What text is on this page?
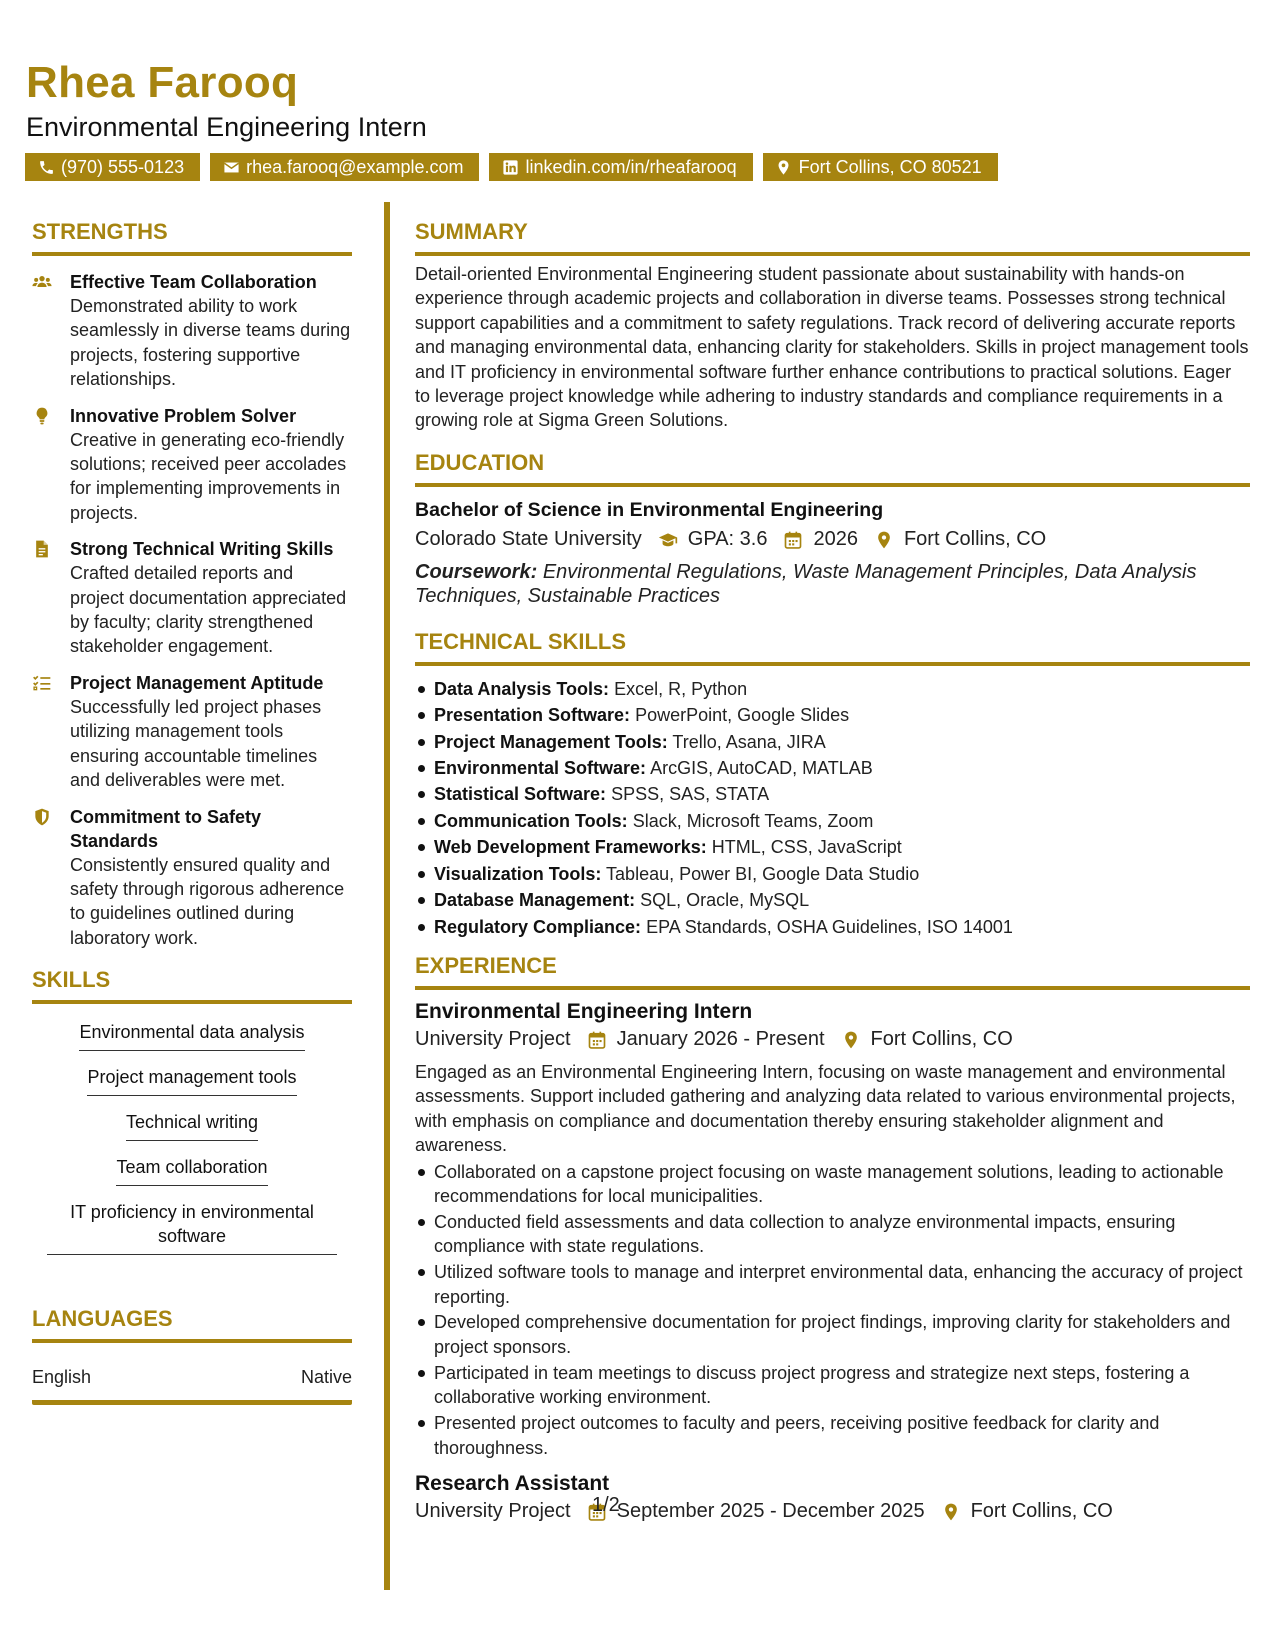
Rhea Farooq
Environmental Engineering Intern
(970) 555-0123	rhea.farooq@example.com	linkedin.com/in/rheafarooq	Fort Collins, CO 80521
STRENGTHS
Effective Team Collaboration
Demonstrated ability to work seamlessly in diverse teams during projects, fostering supportive relationships.
Innovative Problem Solver
Creative in generating eco-friendly solutions; received peer accolades for implementing improvements in projects.
Strong Technical Writing Skills
Crafted detailed reports and project documentation appreciated by faculty; clarity strengthened stakeholder engagement.
Project Management Aptitude
Successfully led project phases utilizing management tools ensuring accountable timelines and deliverables were met.
Commitment to Safety Standards
Consistently ensured quality and safety through rigorous adherence to guidelines outlined during laboratory work.
SKILLS
Environmental data analysis
Project management tools
Technical writing
Team collaboration
IT proficiency in environmental software
LANGUAGES
English	Native
SUMMARY
Detail-oriented Environmental Engineering student passionate about sustainability with hands-on experience through academic projects and collaboration in diverse teams. Possesses strong technical support capabilities and a commitment to safety regulations. Track record of delivering accurate reports and managing environmental data, enhancing clarity for stakeholders. Skills in project management tools and IT proficiency in environmental software further enhance contributions to practical solutions. Eager to leverage project knowledge while adhering to industry standards and compliance requirements in a growing role at Sigma Green Solutions.
EDUCATION
Bachelor of Science in Environmental Engineering
Colorado State University GPA: 3.6 2026 Fort Collins, CO
Coursework: Environmental Regulations, Waste Management Principles, Data Analysis Techniques, Sustainable Practices
TECHNICAL SKILLS
Data Analysis Tools: Excel, R, Python
Presentation Software: PowerPoint, Google Slides
Project Management Tools: Trello, Asana, JIRA
Environmental Software: ArcGIS, AutoCAD, MATLAB
Statistical Software: SPSS, SAS, STATA
Communication Tools: Slack, Microsoft Teams, Zoom
Web Development Frameworks: HTML, CSS, JavaScript
Visualization Tools: Tableau, Power BI, Google Data Studio
Database Management: SQL, Oracle, MySQL
Regulatory Compliance: EPA Standards, OSHA Guidelines, ISO 14001
EXPERIENCE
Environmental Engineering Intern
University Project January 2026 - Present Fort Collins, CO
Engaged as an Environmental Engineering Intern, focusing on waste management and environmental assessments. Support included gathering and analyzing data related to various environmental projects, with emphasis on compliance and documentation thereby ensuring stakeholder alignment and awareness.
Collaborated on a capstone project focusing on waste management solutions, leading to actionable recommendations for local municipalities.
Conducted field assessments and data collection to analyze environmental impacts, ensuring compliance with state regulations.
Utilized software tools to manage and interpret environmental data, enhancing the accuracy of project reporting.
Developed comprehensive documentation for project findings, improving clarity for stakeholders and project sponsors.
Participated in team meetings to discuss project progress and strategize next steps, fostering a collaborative working environment.
Presented project outcomes to faculty and peers, receiving positive feedback for clarity and thoroughness.
Research Assistant
University Project September 2025 - December 2025 Fort Collins, CO
1/2
